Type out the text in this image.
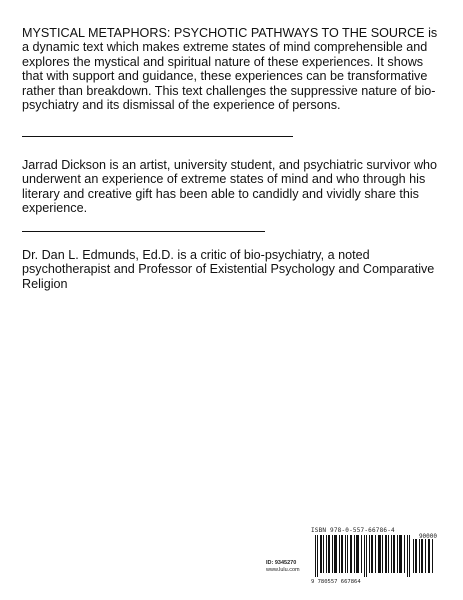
MYSTICAL METAPHORS: PSYCHOTIC PATHWAYS TO THE SOURCE is a dynamic text which makes extreme states of mind comprehensible and explores the mystical and spiritual nature of these experiences. It shows that with support and guidance, these experiences can be transformative rather than breakdown. This text challenges the suppressive nature of bio-psychiatry and its dismissal of the experience of persons.

Jarrad Dickson is an artist, university student, and psychiatric survivor who underwent an experience of extreme states of mind and who through his literary and creative gift has been able to candidly and vividly share this experience.

Dr. Dan L. Edmunds, Ed.D. is a critic of bio-psychiatry, a noted psychotherapist and Professor of Existential Psychology and Comparative Religion

ID: 9345270
www.lulu.com
ISBN 978-0-557-66786-4
9 780557 667864
90000
